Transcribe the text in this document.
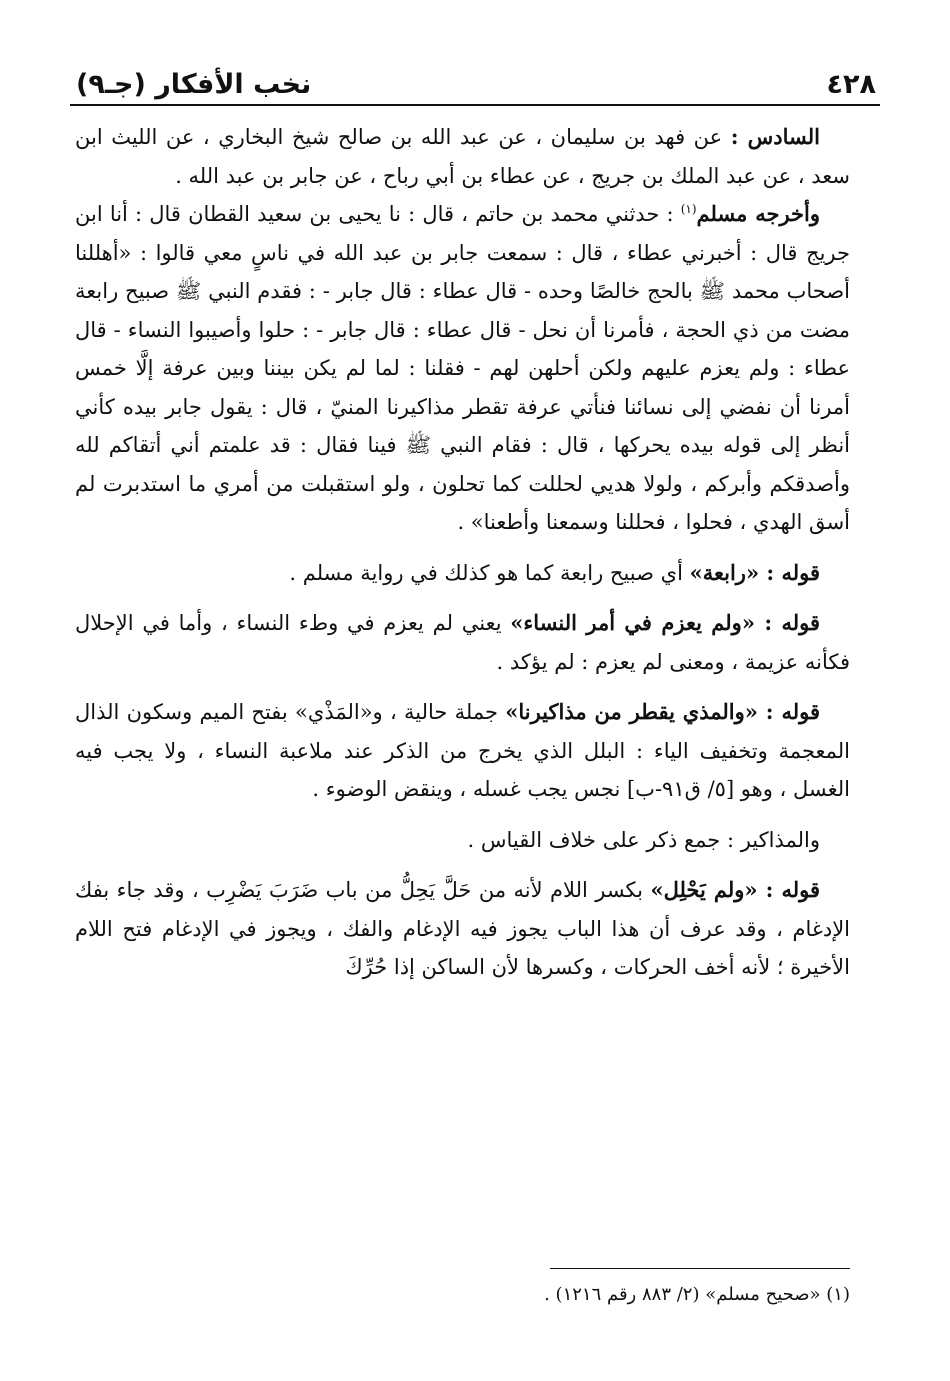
نخب الأفكار (جـ٩)	٤٢٨

السادس : عن فهد بن سليمان ، عن عبد الله بن صالح شيخ البخاري ، عن الليث ابن سعد ، عن عبد الملك بن جريج ، عن عطاء بن أبي رباح ، عن جابر بن عبد الله .

وأخرجه مسلم$^{(١)}$ : حدثني محمد بن حاتم ، قال : نا يحيى بن سعيد القطان قال : أنا ابن جريج قال : أخبرني عطاء ، قال : سمعت جابر بن عبد الله في ناسٍ معي قالوا : «أهللنا أصحاب محمد ﷺ بالحج خالصًا وحده - قال عطاء : قال جابر - : فقدم النبي ﷺ صبيح رابعة مضت من ذي الحجة ، فأمرنا أن نحل - قال عطاء : قال جابر - : حلوا وأصيبوا النساء - قال عطاء : ولم يعزم عليهم ولكن أحلهن لهم - فقلنا : لما لم يكن بيننا وبين عرفة إلَّا خمس أمرنا أن نفضي إلى نسائنا فنأتي عرفة تقطر مذاكيرنا المنيّ ، قال : يقول جابر بيده كأني أنظر إلى قوله بيده يحركها ، قال : فقام النبي ﷺ فينا فقال : قد علمتم أني أتقاكم لله وأصدقكم وأبركم ، ولولا هديي لحللت كما تحلون ، ولو استقبلت من أمري ما استدبرت لم أسق الهدي ، فحلوا ، فحللنا وسمعنا وأطعنا» .

قوله : «رابعة» أي صبيح رابعة كما هو كذلك في رواية مسلم .

قوله : «ولم يعزم في أمر النساء» يعني لم يعزم في وطء النساء ، وأما في الإحلال فكأنه عزيمة ، ومعنى لم يعزم : لم يؤكد .

قوله : «والمذي يقطر من مذاكيرنا» جملة حالية ، و«المَذْي» بفتح الميم وسكون الذال المعجمة وتخفيف الياء : البلل الذي يخرج من الذكر عند ملاعبة النساء ، ولا يجب فيه الغسل ، وهو [٥/ ق٩١-ب] نجس يجب غسله ، وينقض الوضوء .

والمذاكير : جمع ذكر على خلاف القياس .

قوله : «ولم يَحْلِل» بكسر اللام لأنه من حَلَّ يَحِلُّ من باب ضَرَبَ يَضْرِب ، وقد جاء بفك الإدغام ، وقد عرف أن هذا الباب يجوز فيه الإدغام والفك ، ويجوز في الإدغام فتح اللام الأخيرة ؛ لأنه أخف الحركات ، وكسرها لأن الساكن إذا حُرِّكَ

(١) «صحيح مسلم» (٢/ ٨٨٣ رقم ١٢١٦) .
